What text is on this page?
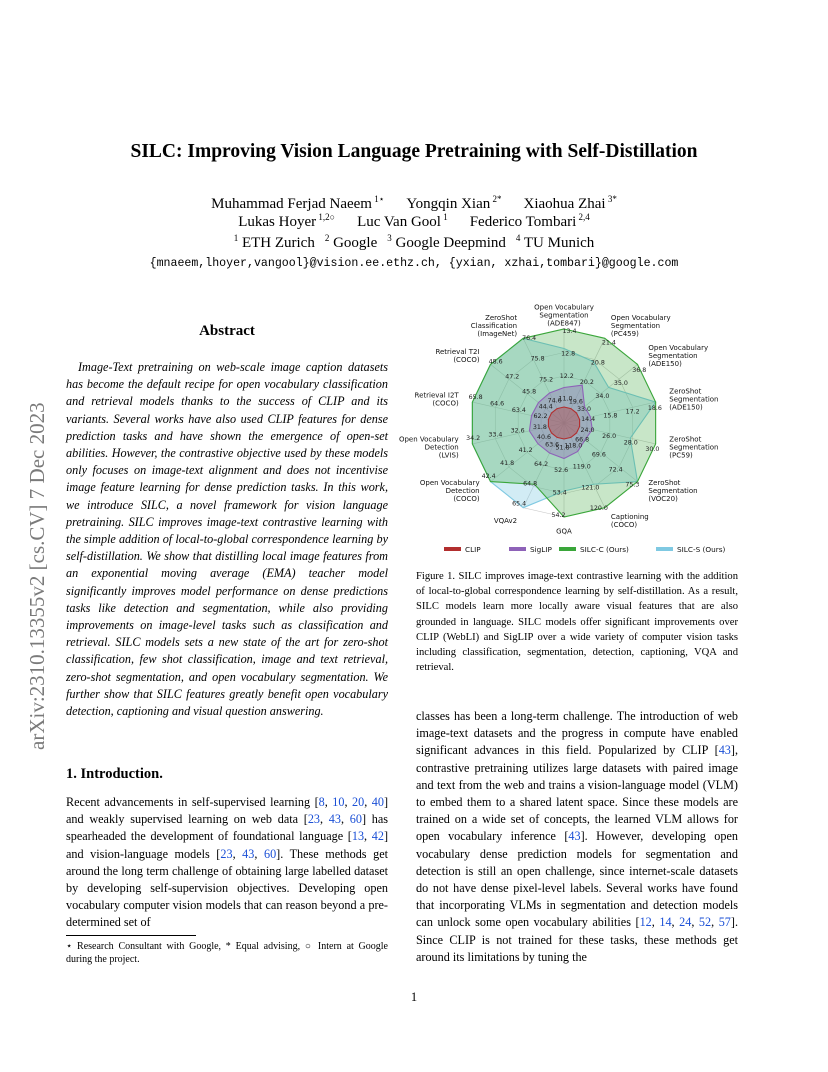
arXiv:2310.13355v2 [cs.CV] 7 Dec 2023
SILC: Improving Vision Language Pretraining with Self-Distillation
Muhammad Ferjad Naeem $^{1⋆}$ Yongqin Xian $^{2*}$ Xiaohua Zhai $^{3*}$
Lukas Hoyer $^{1,2○}$ Luc Van Gool $^1$ Federico Tombari $^{2,4}$
$^1$ ETH Zurich $^2$ Google $^3$ Google Deepmind $^4$ TU Munich
{mnaeem,lhoyer,vangool}@vision.ee.ethz.ch, {yxian, xzhai,tombari}@google.com
Abstract
Image-Text pretraining on web-scale image caption datasets has become the default recipe for open vocabulary classification and retrieval models thanks to the success of CLIP and its variants. Several works have also used CLIP features for dense prediction tasks and have shown the emergence of open-set abilities. However, the contrastive objective used by these models only focuses on image-text alignment and does not incentivise image feature learning for dense prediction tasks. In this work, we introduce SILC, a novel framework for vision language pretraining. SILC improves image-text contrastive learning with the simple addition of local-to-global correspondence learning by self-distillation. We show that distilling local image features from an exponential moving average (EMA) teacher model significantly improves model performance on dense predictions tasks like detection and segmentation, while also providing improvements on image-level tasks such as classification and retrieval. SILC models sets a new state of the art for zero-shot classification, few shot classification, image and text retrieval, zero-shot segmentation, and open vocabulary segmentation. We further show that SILC features greatly benefit open vocabulary detection, captioning and visual question answering.
1. Introduction.
Recent advancements in self-supervised learning [8, 10, 20, 40] and weakly supervised learning on web data [23, 43, 60] has spearheaded the development of foundational language [13, 42] and vision-language models [23, 43, 60]. These methods get around the long term challenge of obtaining large labelled dataset by developing self-supervision objectives. Developing open vocabulary computer vision models that can reason beyond a pre-determined set of
⋆ Research Consultant with Google, * Equal advising, ○ Intern at Google during the project.
13.4
12.8
12.2
11.0
21.4
20.8
20.2
19.6
36.8
35.0
34.0
33.0	18.6
17.2
15.8
14.4
30.0
28.0
26.0
24.0
75.3
72.4
69.6
66.8
120.0
121.0
119.0
118.0
54.2
53.4
52.6
51.8
65.4
64.8
64.2
63.6
42.4
41.8
41.2
40.6
34.2
33.4
32.6
31.8
65.8
64.6
63.4
62.2
48.6
47.2
45.8
44.4
76.4
75.8
75.2
74.6
Open Vocabulary
Segmentation
(ADE847)
Open Vocabulary
Segmentation
(PC459)
Open Vocabulary
Segmentation
(ADE150)
ZeroShot
Segmentation
(ADE150)
ZeroShot
Segmentation
(PC59)
ZeroShot
Segmentation
(VOC20)
Captioning
(COCO)
GQA
VQAv2
Open Vocabulary
Detection
(COCO)
Open Vocabulary
Detection
(LVIS)
Retrieval I2T
(COCO)
Retrieval T2I
(COCO)
ZeroShot
Classification
(ImageNet)
CLIP	SigLIP	SILC-C (Ours)	SILC-S (Ours)
Figure 1. SILC improves image-text contrastive learning with the addition of local-to-global correspondence learning by self-distillation. As a result, SILC models learn more locally aware visual features that are also grounded in language. SILC models offer significant improvements over CLIP (WebLI) and SigLIP over a wide variety of computer vision tasks including classification, segmentation, detection, captioning, VQA and retrieval.
classes has been a long-term challenge. The introduction of web image-text datasets and the progress in compute have enabled significant advances in this field. Popularized by CLIP [43], contrastive pretraining utilizes large datasets with paired image and text from the web and trains a vision-language model (VLM) to embed them to a shared latent space. Since these models are trained on a wide set of concepts, the learned VLM allows for open vocabulary inference [43]. However, developing open vocabulary dense prediction models for segmentation and detection is still an open challenge, since internet-scale datasets do not have dense pixel-level labels. Several works have found that incorporating VLMs in segmentation and detection models can unlock some open vocabulary abilities [12, 14, 24, 52, 57]. Since CLIP is not trained for these tasks, these methods get around its limitations by tuning the
1
